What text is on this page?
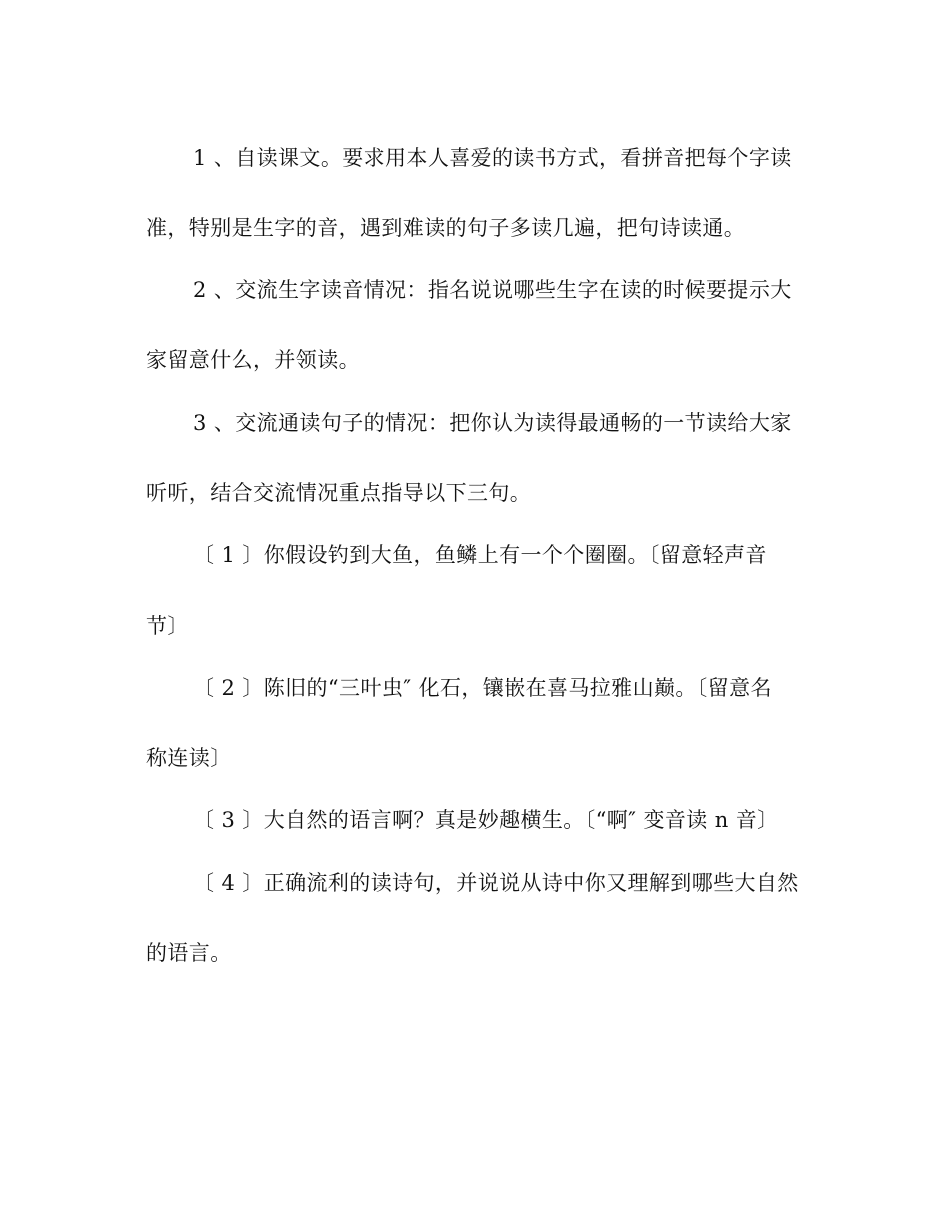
1 、自读课文。要求用本人喜爱的读书方式，看拼音把每个字读
准，特别是生字的音，遇到难读的句子多读几遍，把句诗读通。
2 、交流生字读音情况：指名说说哪些生字在读的时候要提示大
家留意什么，并领读。
3 、交流通读句子的情况：把你认为读得最通畅的一节读给大家
听听，结合交流情况重点指导以下三句。
〔 1 〕你假设钓到大鱼，鱼鳞上有一个个圈圈。〔留意轻声音
节〕
〔 2 〕陈旧的“三叶虫″ 化石，镶嵌在喜马拉雅山巅。〔留意名
称连读〕
〔 3 〕大自然的语言啊？真是妙趣横生。〔“啊″ 变音读 n 音〕
〔 4 〕正确流利的读诗句，并说说从诗中你又理解到哪些大自然
的语言。
